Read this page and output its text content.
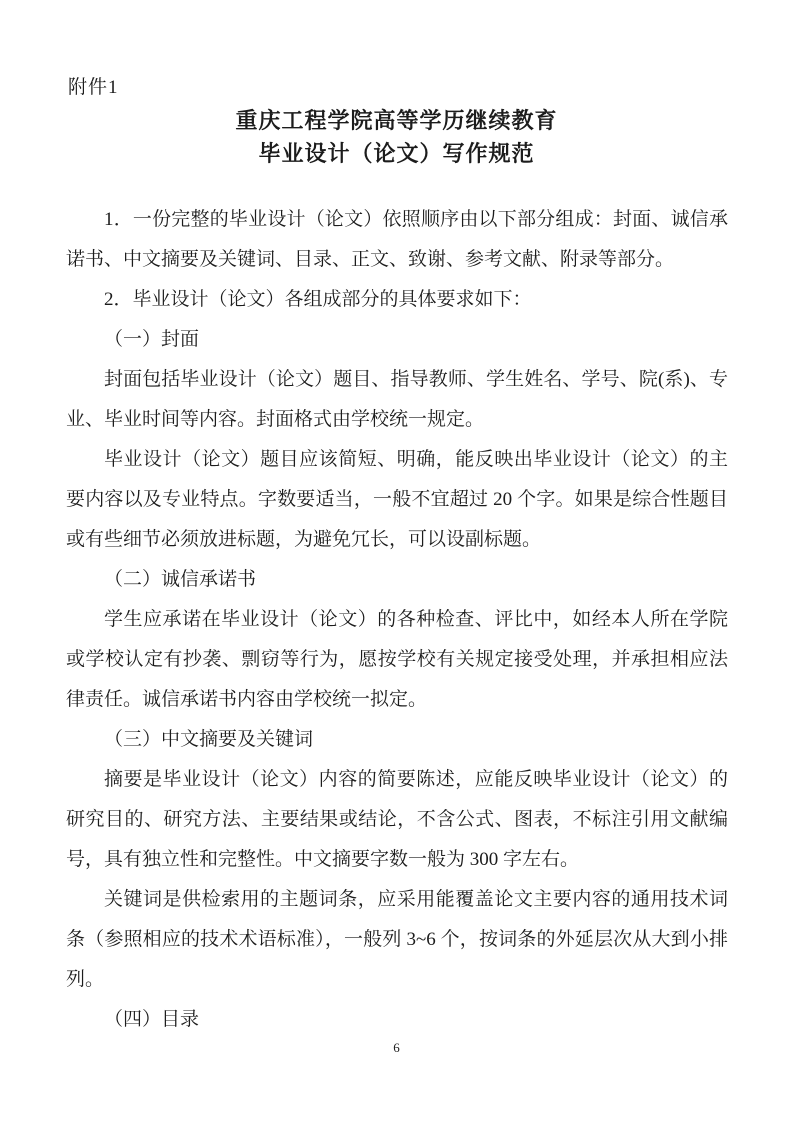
附件1
重庆工程学院高等学历继续教育
毕业设计（论文）写作规范

1．一份完整的毕业设计（论文）依照顺序由以下部分组成：封面、诚信承诺书、中文摘要及关键词、目录、正文、致谢、参考文献、附录等部分。

2．毕业设计（论文）各组成部分的具体要求如下：

（一）封面

封面包括毕业设计（论文）题目、指导教师、学生姓名、学号、院(系)、专业、毕业时间等内容。封面格式由学校统一规定。

毕业设计（论文）题目应该简短、明确，能反映出毕业设计（论文）的主要内容以及专业特点。字数要适当，一般不宜超过 20 个字。如果是综合性题目或有些细节必须放进标题，为避免冗长，可以设副标题。

（二）诚信承诺书

学生应承诺在毕业设计（论文）的各种检查、评比中，如经本人所在学院或学校认定有抄袭、剽窃等行为，愿按学校有关规定接受处理，并承担相应法律责任。诚信承诺书内容由学校统一拟定。

（三）中文摘要及关键词

摘要是毕业设计（论文）内容的简要陈述，应能反映毕业设计（论文）的研究目的、研究方法、主要结果或结论，不含公式、图表，不标注引用文献编号，具有独立性和完整性。中文摘要字数一般为 300 字左右。

关键词是供检索用的主题词条，应采用能覆盖论文主要内容的通用技术词条（参照相应的技术术语标准），一般列 3~6 个，按词条的外延层次从大到小排列。

（四）目录

6
